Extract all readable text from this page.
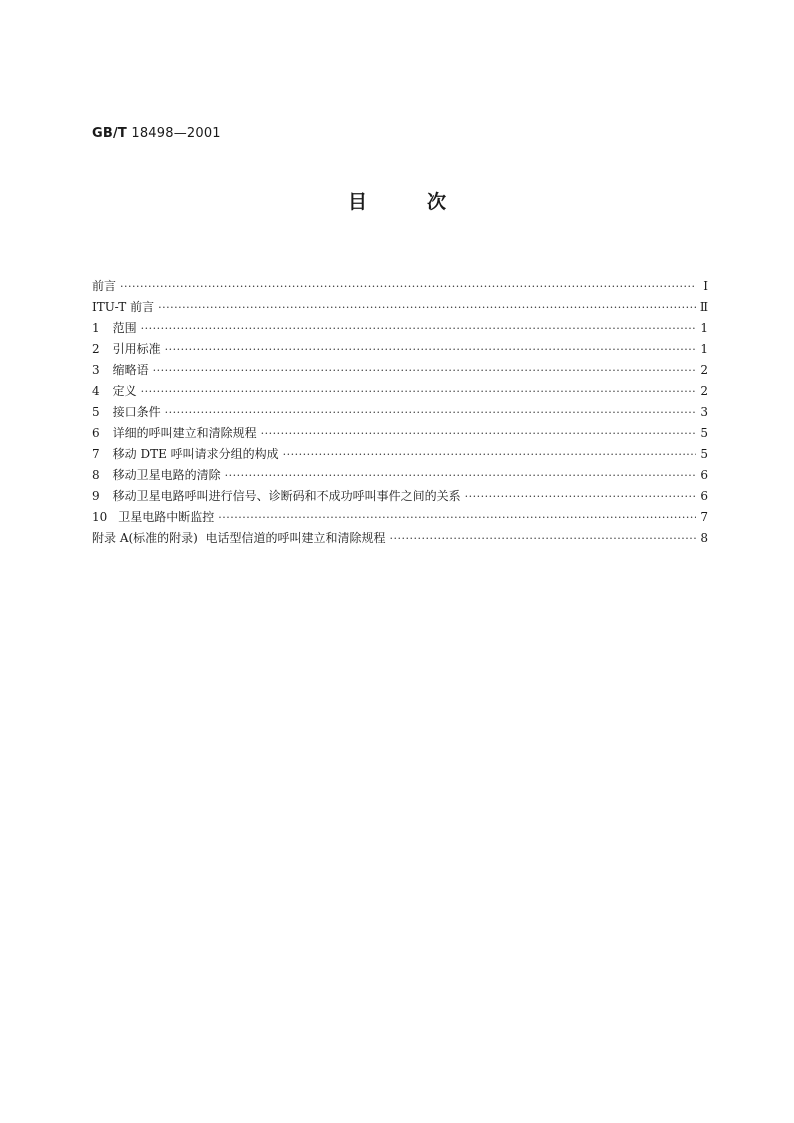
GB/T 18498—2001
目	次
前言 ·····	Ⅰ
ITU-T 前言 ·····	Ⅱ
1 范围 ·····	1
2 引用标准 ·····	1
3 缩略语 ·····	2
4 定义 ·····	2
5 接口条件 ·····	3
6 详细的呼叫建立和清除规程 ·····	5
7 移动 DTE 呼叫请求分组的构成 ·····	5
8 移动卫星电路的清除 ·····	6
9 移动卫星电路呼叫进行信号、诊断码和不成功呼叫事件之间的关系 ·····	6
10 卫星电路中断监控 ·····	7
附录 A(标准的附录)  电话型信道的呼叫建立和清除规程 ·····	8
